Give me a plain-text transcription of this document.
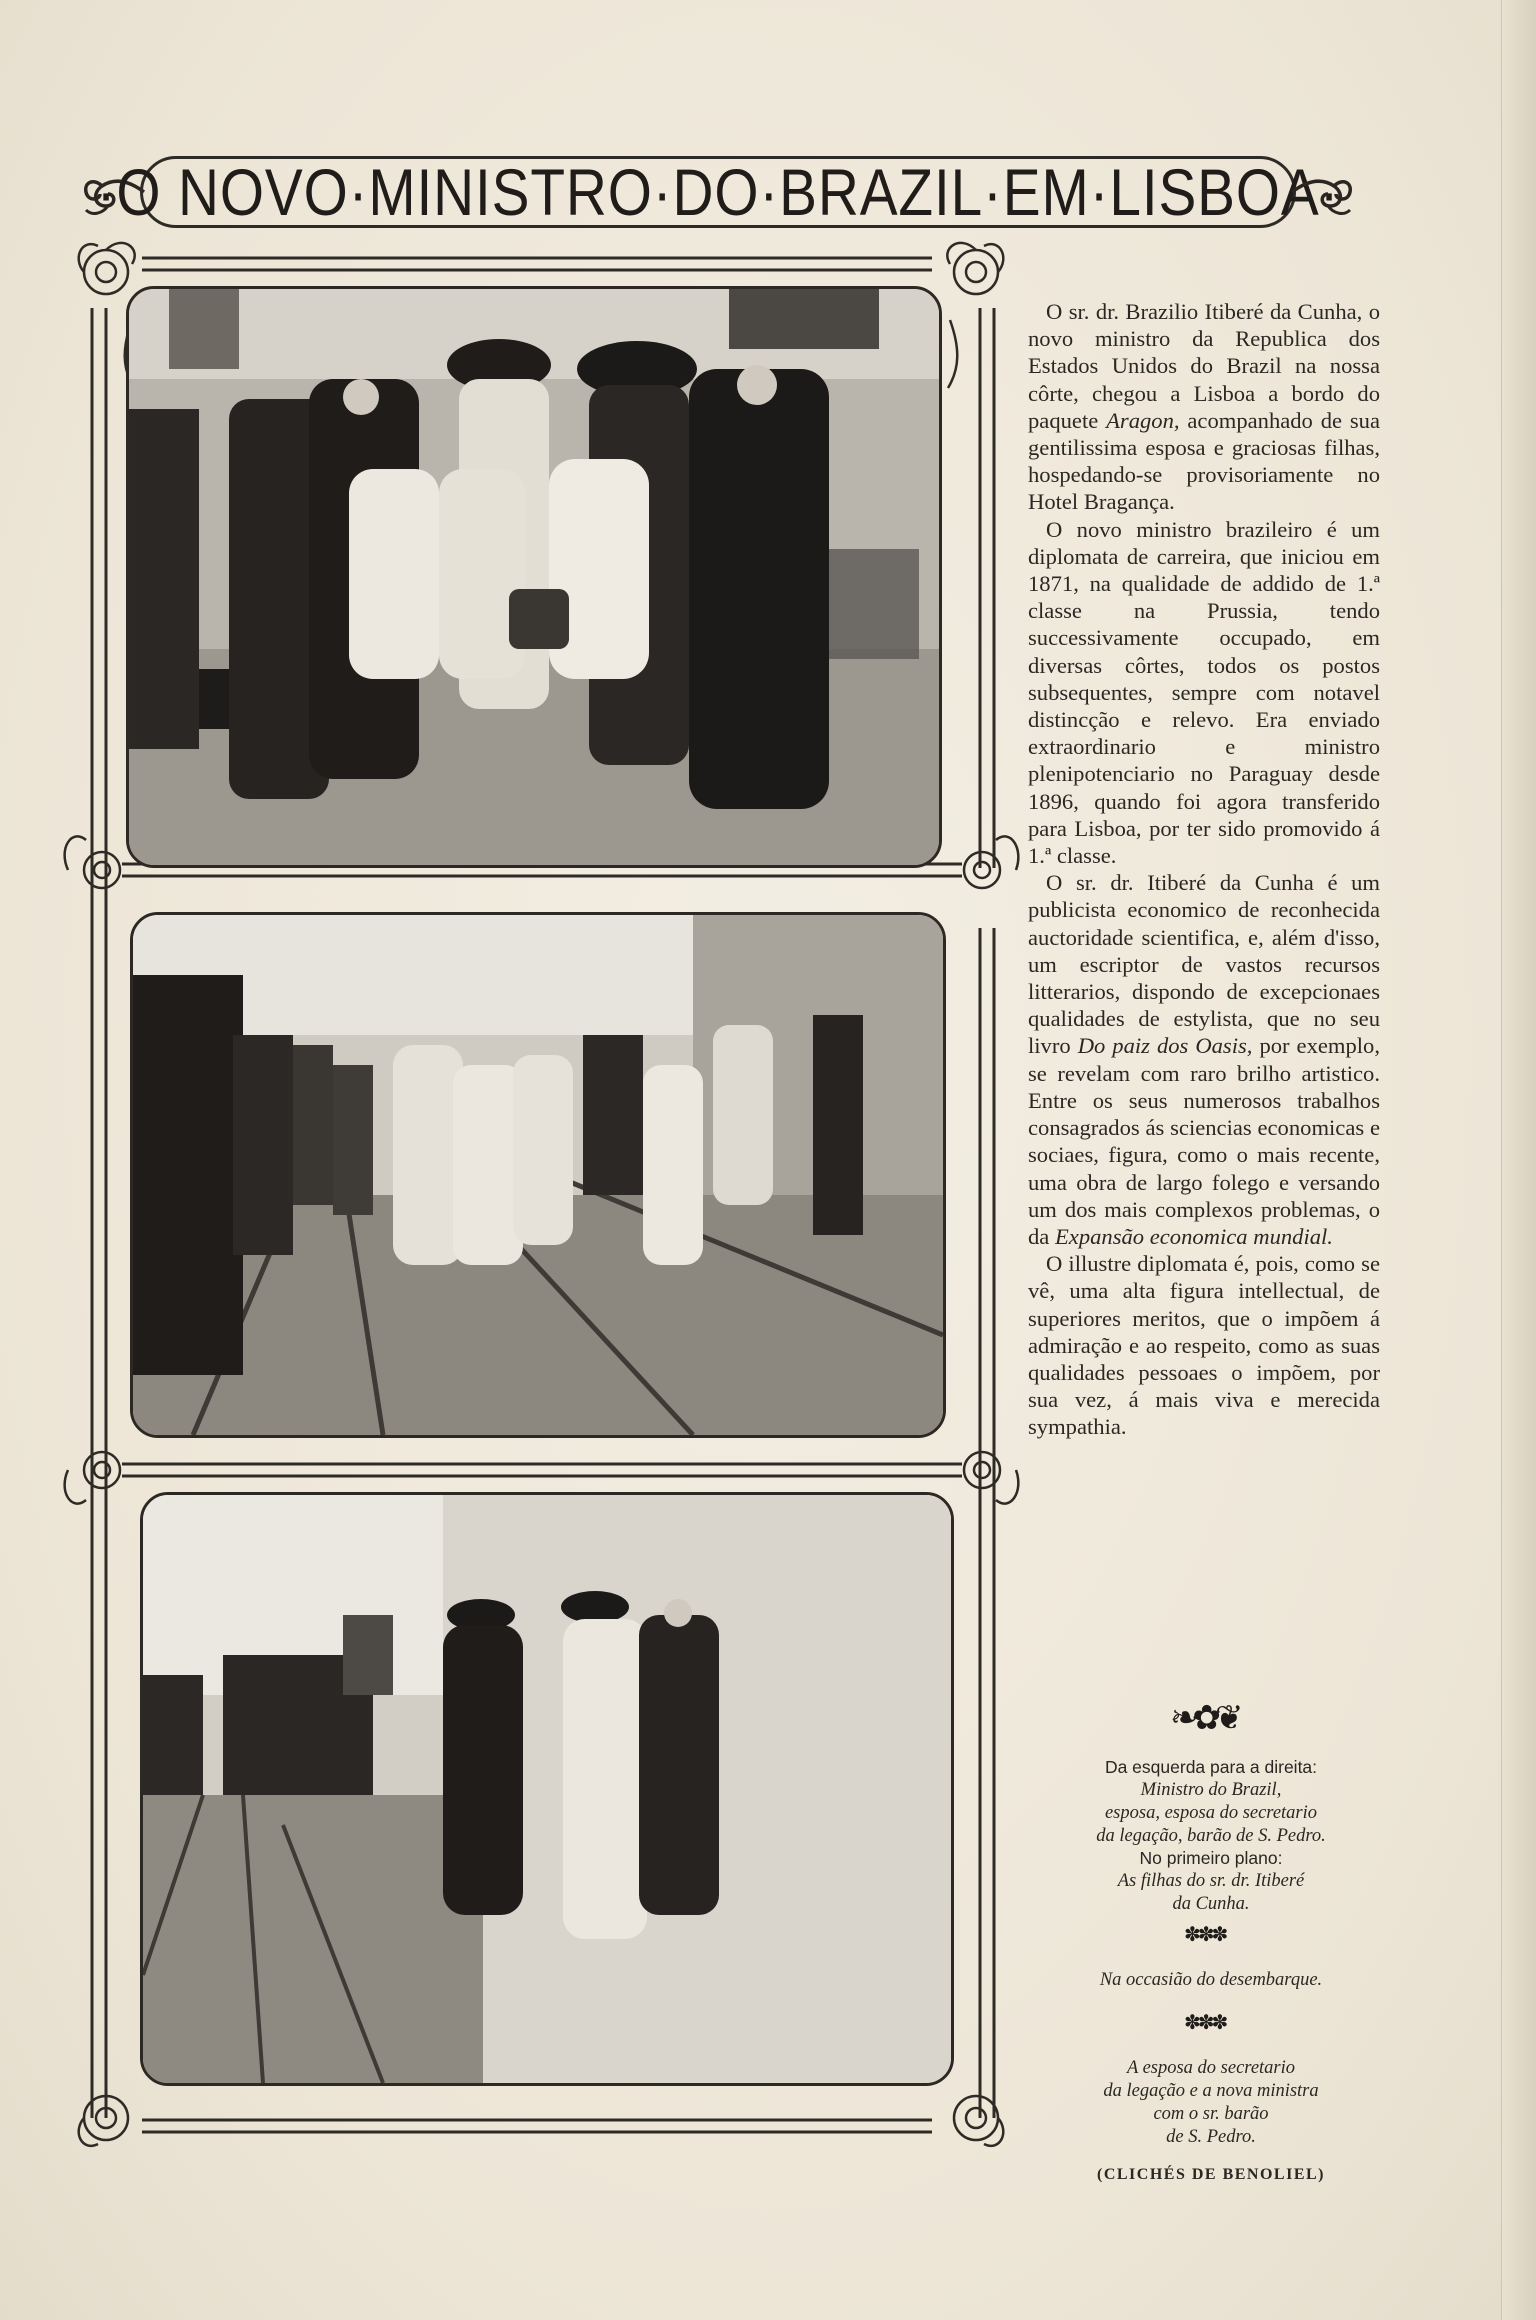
·O NOVO·MINISTRO·DO·BRAZIL·EM·LISBOA·

O sr. dr. Brazilio Itiberé da Cunha, o novo ministro da Republica dos Estados Unidos do Brazil na nossa côrte, chegou a Lisboa a bordo do paquete Aragon, acompanhado de sua gentilissima esposa e graciosas filhas, hospedando-se provisoriamente no Hotel Bragança.

O novo ministro brazileiro é um diplomata de carreira, que iniciou em 1871, na qualidade de addido de 1.ª classe na Prussia, tendo successivamente occupado, em diversas côrtes, todos os postos subsequentes, sempre com notavel distincção e relevo. Era enviado extraordinario e ministro plenipotenciario no Paraguay desde 1896, quando foi agora transferido para Lisboa, por ter sido promovido á 1.ª classe.

O sr. dr. Itiberé da Cunha é um publicista economico de reconhecida auctoridade scientifica, e, além d'isso, um escriptor de vastos recursos litterarios, dispondo de excepcionaes qualidades de estylista, que no seu livro Do paiz dos Oasis, por exemplo, se revelam com raro brilho artistico. Entre os seus numerosos trabalhos consagrados ás sciencias economicas e sociaes, figura, como o mais recente, uma obra de largo folego e versando um dos mais complexos problemas, o da Expansão economica mundial.

O illustre diplomata é, pois, como se vê, uma alta figura intellectual, de superiores meritos, que o impõem á admiração e ao respeito, como as suas qualidades pessoaes o impõem, por sua vez, á mais viva e merecida sympathia.

❧✿❦
Da esquerda para a direita:
Ministro do Brazil,
esposa, esposa do secretario
da legação, barão de S. Pedro.
No primeiro plano:
As filhas do sr. dr. Itiberé
da Cunha.
✽✽✽
Na occasião do desembarque.
✽✽✽
A esposa do secretario
da legação e a nova ministra
com o sr. barão
de S. Pedro.
(CLICHÉS DE BENOLIEL)
